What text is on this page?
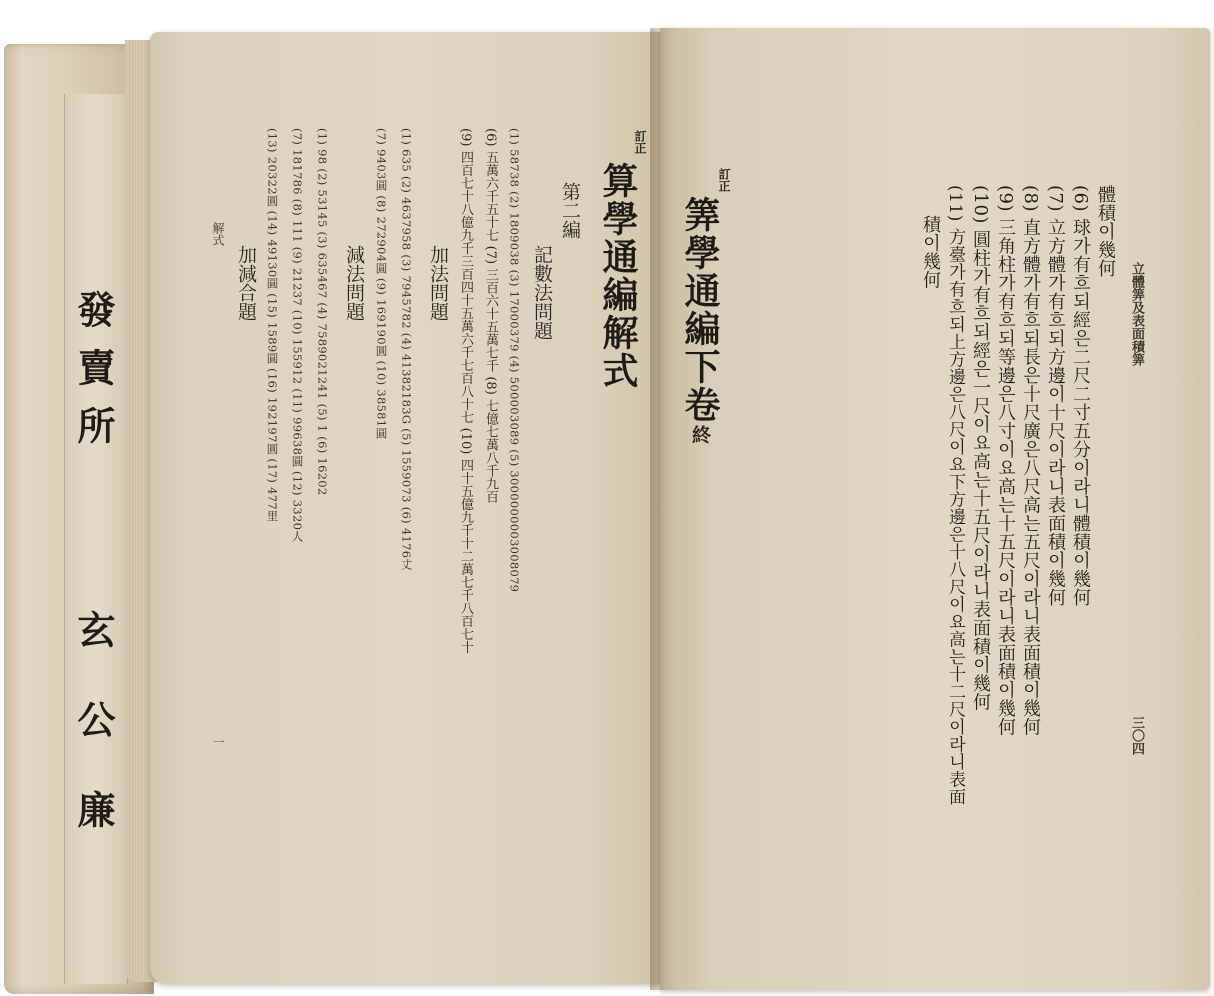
發
賣
所
玄
公
廉
訂正
算學通編解式
第二編
記數法問題
(1) 58738 (2) 1809038 (3) 17000379 (4) 500003089 (5) 3000000003008079
(6) 五萬六千五十七 (7) 三百六十五萬七千 (8) 七億七萬八千九百
(9) 四百七十八億九千三百四十五萬六千七百八十七 (10) 四十五億九千十二萬七千八百七十
加法問題
(1) 635 (2) 4637958 (3) 7945782 (4) 41382183G (5) 1559073 (6) 4176丈
(7) 9403圓 (8) 272904圓 (9) 169190圓 (10) 38581圓
減法問題
(1) 98 (2) 53145 (3) 635467 (4) 7589021241 (5) 1 (6) 16202
(7) 181786 (8) 111 (9) 21237 (10) 155912 (11) 99638圓 (12) 3320人
(13) 20322圓 (14) 49130圓 (15) 1589圓 (16) 192197圓 (17) 477里
加減合題
解式
一
立體筭及表面積筭
三〇四
體積이幾何
(6) 球가有흐되經은二尺二寸五分이라니體積이幾何
(7) 立方體가有흐되方邊이十尺이라니表面積이幾何
(8) 直方體가有흐되長은十尺廣은八尺高는五尺이라니表面積이幾何
(9) 三角柱가有흐되等邊은八寸이요高는十五尺이라니表面積이幾何
(10) 圓柱가有흐되經은一尺이요高는十五尺이라니表面積이幾何
(11) 方臺가有흐되上方邊은八尺이요下方邊은十八尺이요高는十二尺이라니表面
積이幾何
訂正
筭學通編下卷
終
